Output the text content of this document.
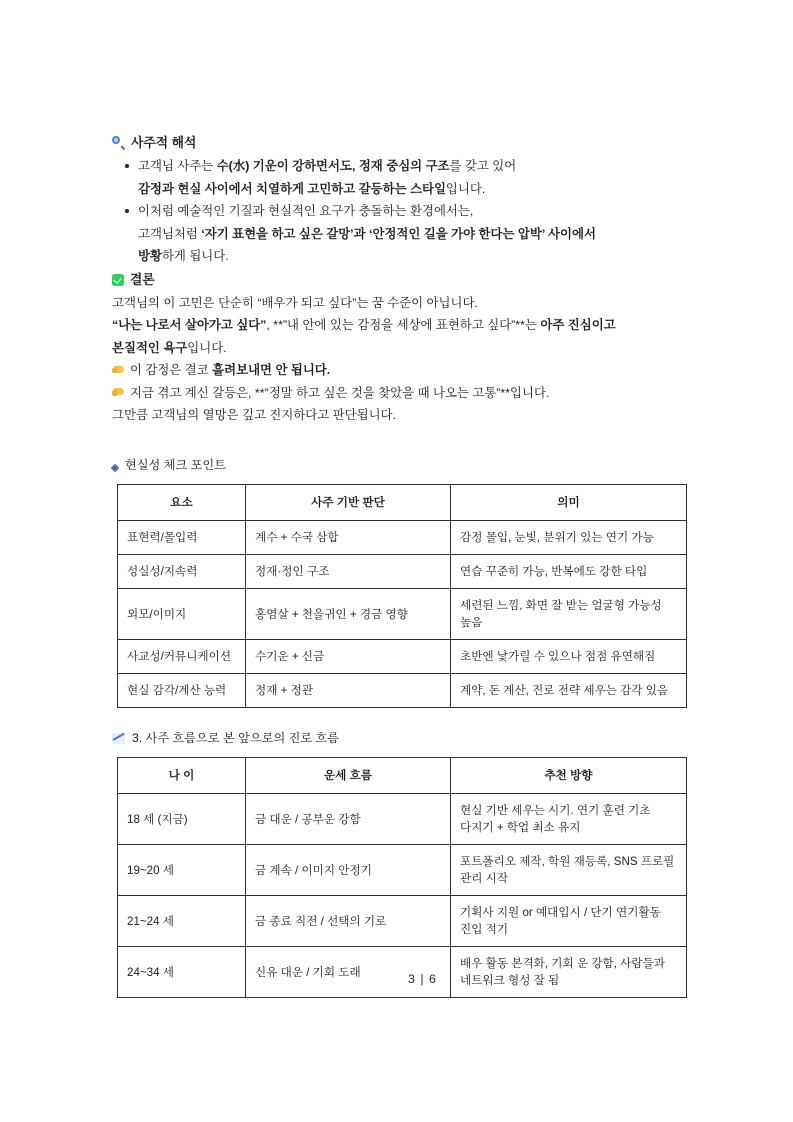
사주적 해석
고객님 사주는 수(水) 기운이 강하면서도, 정재 중심의 구조를 갖고 있어
감정과 현실 사이에서 치열하게 고민하고 갈등하는 스타일입니다.
이처럼 예술적인 기질과 현실적인 요구가 충돌하는 환경에서는,
고객님처럼 ‘자기 표현을 하고 싶은 갈망’과 ‘안정적인 길을 가야 한다는 압박’ 사이에서
방황하게 됩니다.
결론
고객님의 이 고민은 단순히 “배우가 되고 싶다”는 꿈 수준이 아닙니다.
“나는 나로서 살아가고 싶다”, **”내 안에 있는 감정을 세상에 표현하고 싶다”**는 아주 진심이고
본질적인 욕구입니다.
이 감정은 결코 흘려보내면 안 됩니다.
지금 겪고 계신 갈등은, **”정말 하고 싶은 것을 찾았을 때 나오는 고통”**입니다.
그만큼 고객님의 열망은 깊고 진지하다고 판단됩니다.
현실성 체크 포인트
요소	사주 기반 판단	의미
표현력/몰입력	계수 + 수국 삼합	감정 몰입, 눈빛, 분위기 있는 연기 가능
성실성/지속력	정재·정인 구조	연습 꾸준히 가능, 반복에도 강한 타입
외모/이미지	홍염살 + 천을귀인 + 경금 영향	세련된 느낌, 화면 잘 받는 얼굴형 가능성 높음
사교성/커뮤니케이션	수기운 + 신금	초반엔 낯가릴 수 있으나 점점 유연해짐
현실 감각/계산 능력	정재 + 정관	계약, 돈 계산, 진로 전략 세우는 감각 있음
3. 사주 흐름으로 본 앞으로의 진로 흐름
나 이	운세 흐름	추천 방향
18 세 (지금)	금 대운 / 공부운 강함	현실 기반 세우는 시기. 연기 훈련 기초 다지기 + 학업 최소 유지
19~20 세	금 계속 / 이미지 안정기	포트폴리오 제작, 학원 재등록, SNS 프로필 관리 시작
21~24 세	금 종료 직전 / 선택의 기로	기획사 지원 or 예대입시 / 단기 연기활동 진입 적기
24~34 세	신유 대운 / 기회 도래	배우 활동 본격화, 기회 운 강함, 사람들과 네트워크 형성 잘 됨
3 | 6
